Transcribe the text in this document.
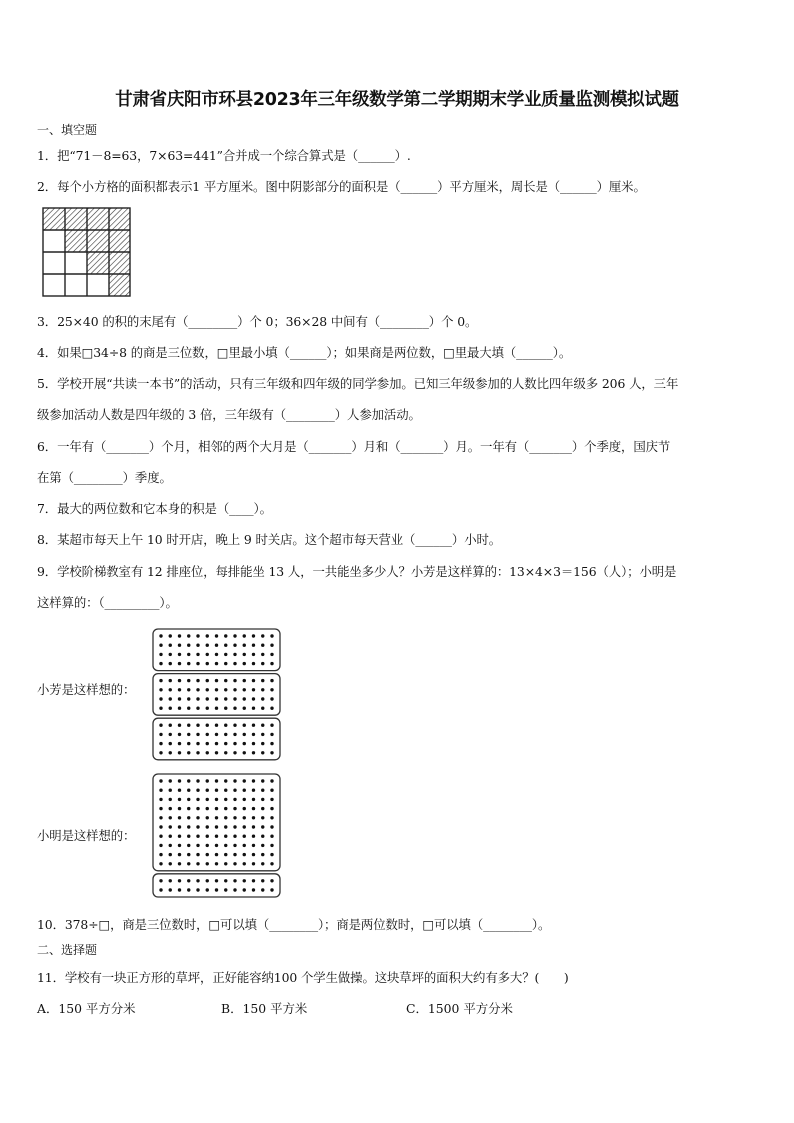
甘肃省庆阳市环县2023年三年级数学第二学期期末学业质量监测模拟试题
一、填空题
1．把“71－8=63，7×63=441”合并成一个综合算式是（______）.
2．每个小方格的面积都表示1 平方厘米。图中阴影部分的面积是（______）平方厘米，周长是（______）厘米。
3．25×40 的积的末尾有（________）个 0；36×28 中间有（________）个 0。
4．如果□34÷8 的商是三位数，□里最小填（______）；如果商是两位数，□里最大填（______）。
5．学校开展“共读一本书”的活动，只有三年级和四年级的同学参加。已知三年级参加的人数比四年级多 206 人，三年
级参加活动人数是四年级的 3 倍，三年级有（________）人参加活动。
6．一年有（_______）个月，相邻的两个大月是（_______）月和（_______）月。一年有（_______）个季度，国庆节
在第（________）季度。
7．最大的两位数和它本身的积是（____）。
8．某超市每天上午 10 时开店，晚上 9 时关店。这个超市每天营业（______）小时。
9．学校阶梯教室有 12 排座位，每排能坐 13 人，一共能坐多少人？小芳是这样算的：13×4×3＝156（人）；小明是
这样算的：（_________）。
小芳是这样想的：
小明是这样想的：
10．378÷□，商是三位数时，□可以填（________）；商是两位数时，□可以填（________）。
二、选择题
11．学校有一块正方形的草坪，正好能容纳100 个学生做操。这块草坪的面积大约有多大？(　　)
A．150 平方分米	B．150 平方米	C．1500 平方分米
